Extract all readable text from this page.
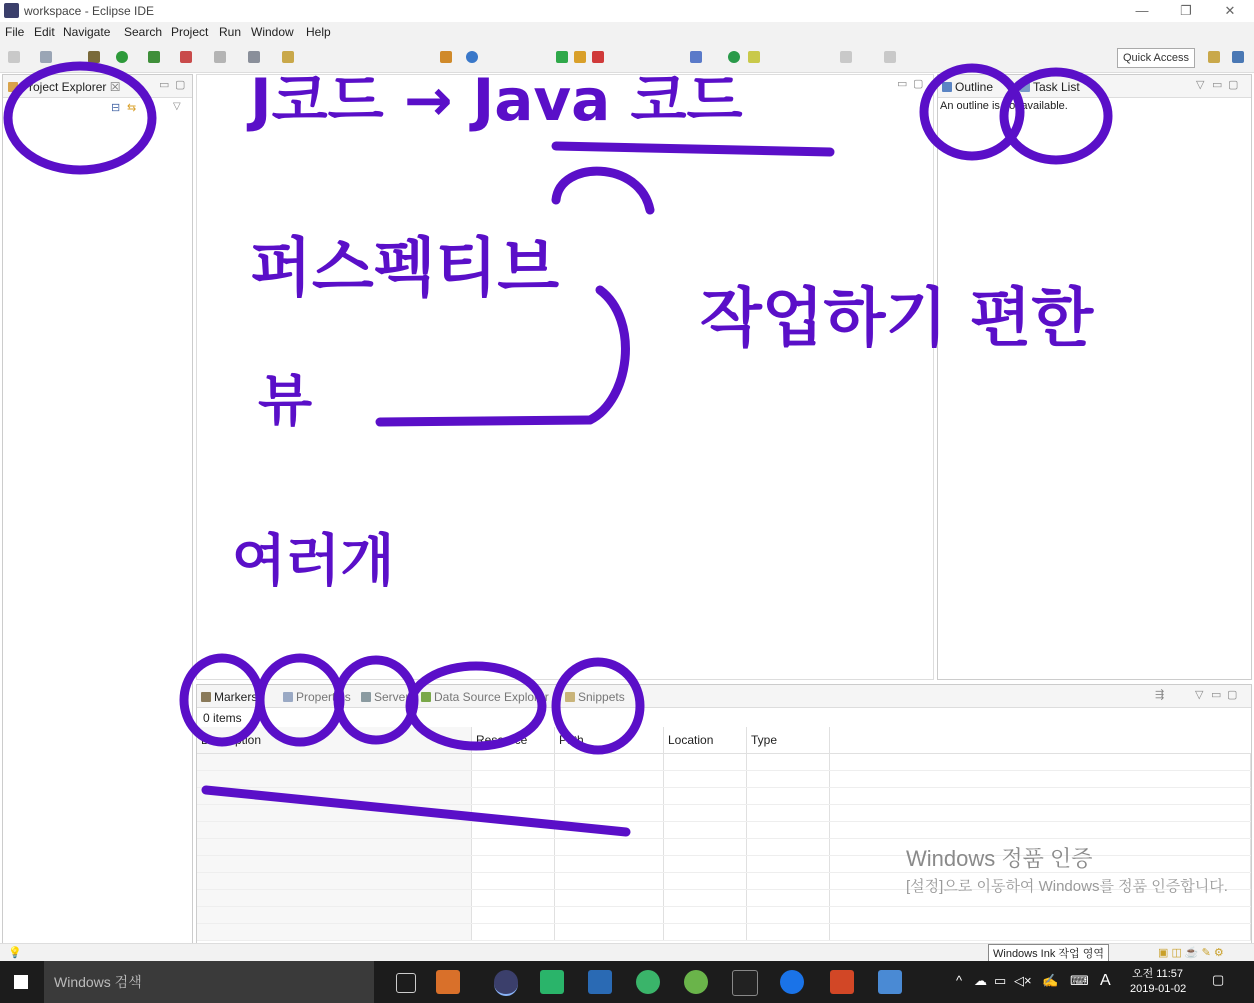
workspace - Eclipse IDE	—	❐	✕
File Edit Navigate Search Project Run Window Help
Quick Access
Project Explorer ☒	▭ ▢
⊟ ⇆	▽
▭ ▢	Outline	Task List	▽ ▭ ▢
An outline is not available.
Markers	Properties	Servers	Data Source Explorer	Snippets	⇶	▽ ▭ ▢
0 items
Description	Resource	Path	Location	Type	

Windows 정품 인증
[설정]으로 이동하여 Windows를 정품 인증합니다.
💡	▣ ◫ ☕ ✎ ⚙
Windows Ink 작업 영역
Windows 검색	^ ☁ ▭ ◁× ✍ ⌨ A 오전 11:57
2019-01-02
▢
J코드 → Java 코드
퍼스펙티브
작업하기 편한
뷰
여러개
